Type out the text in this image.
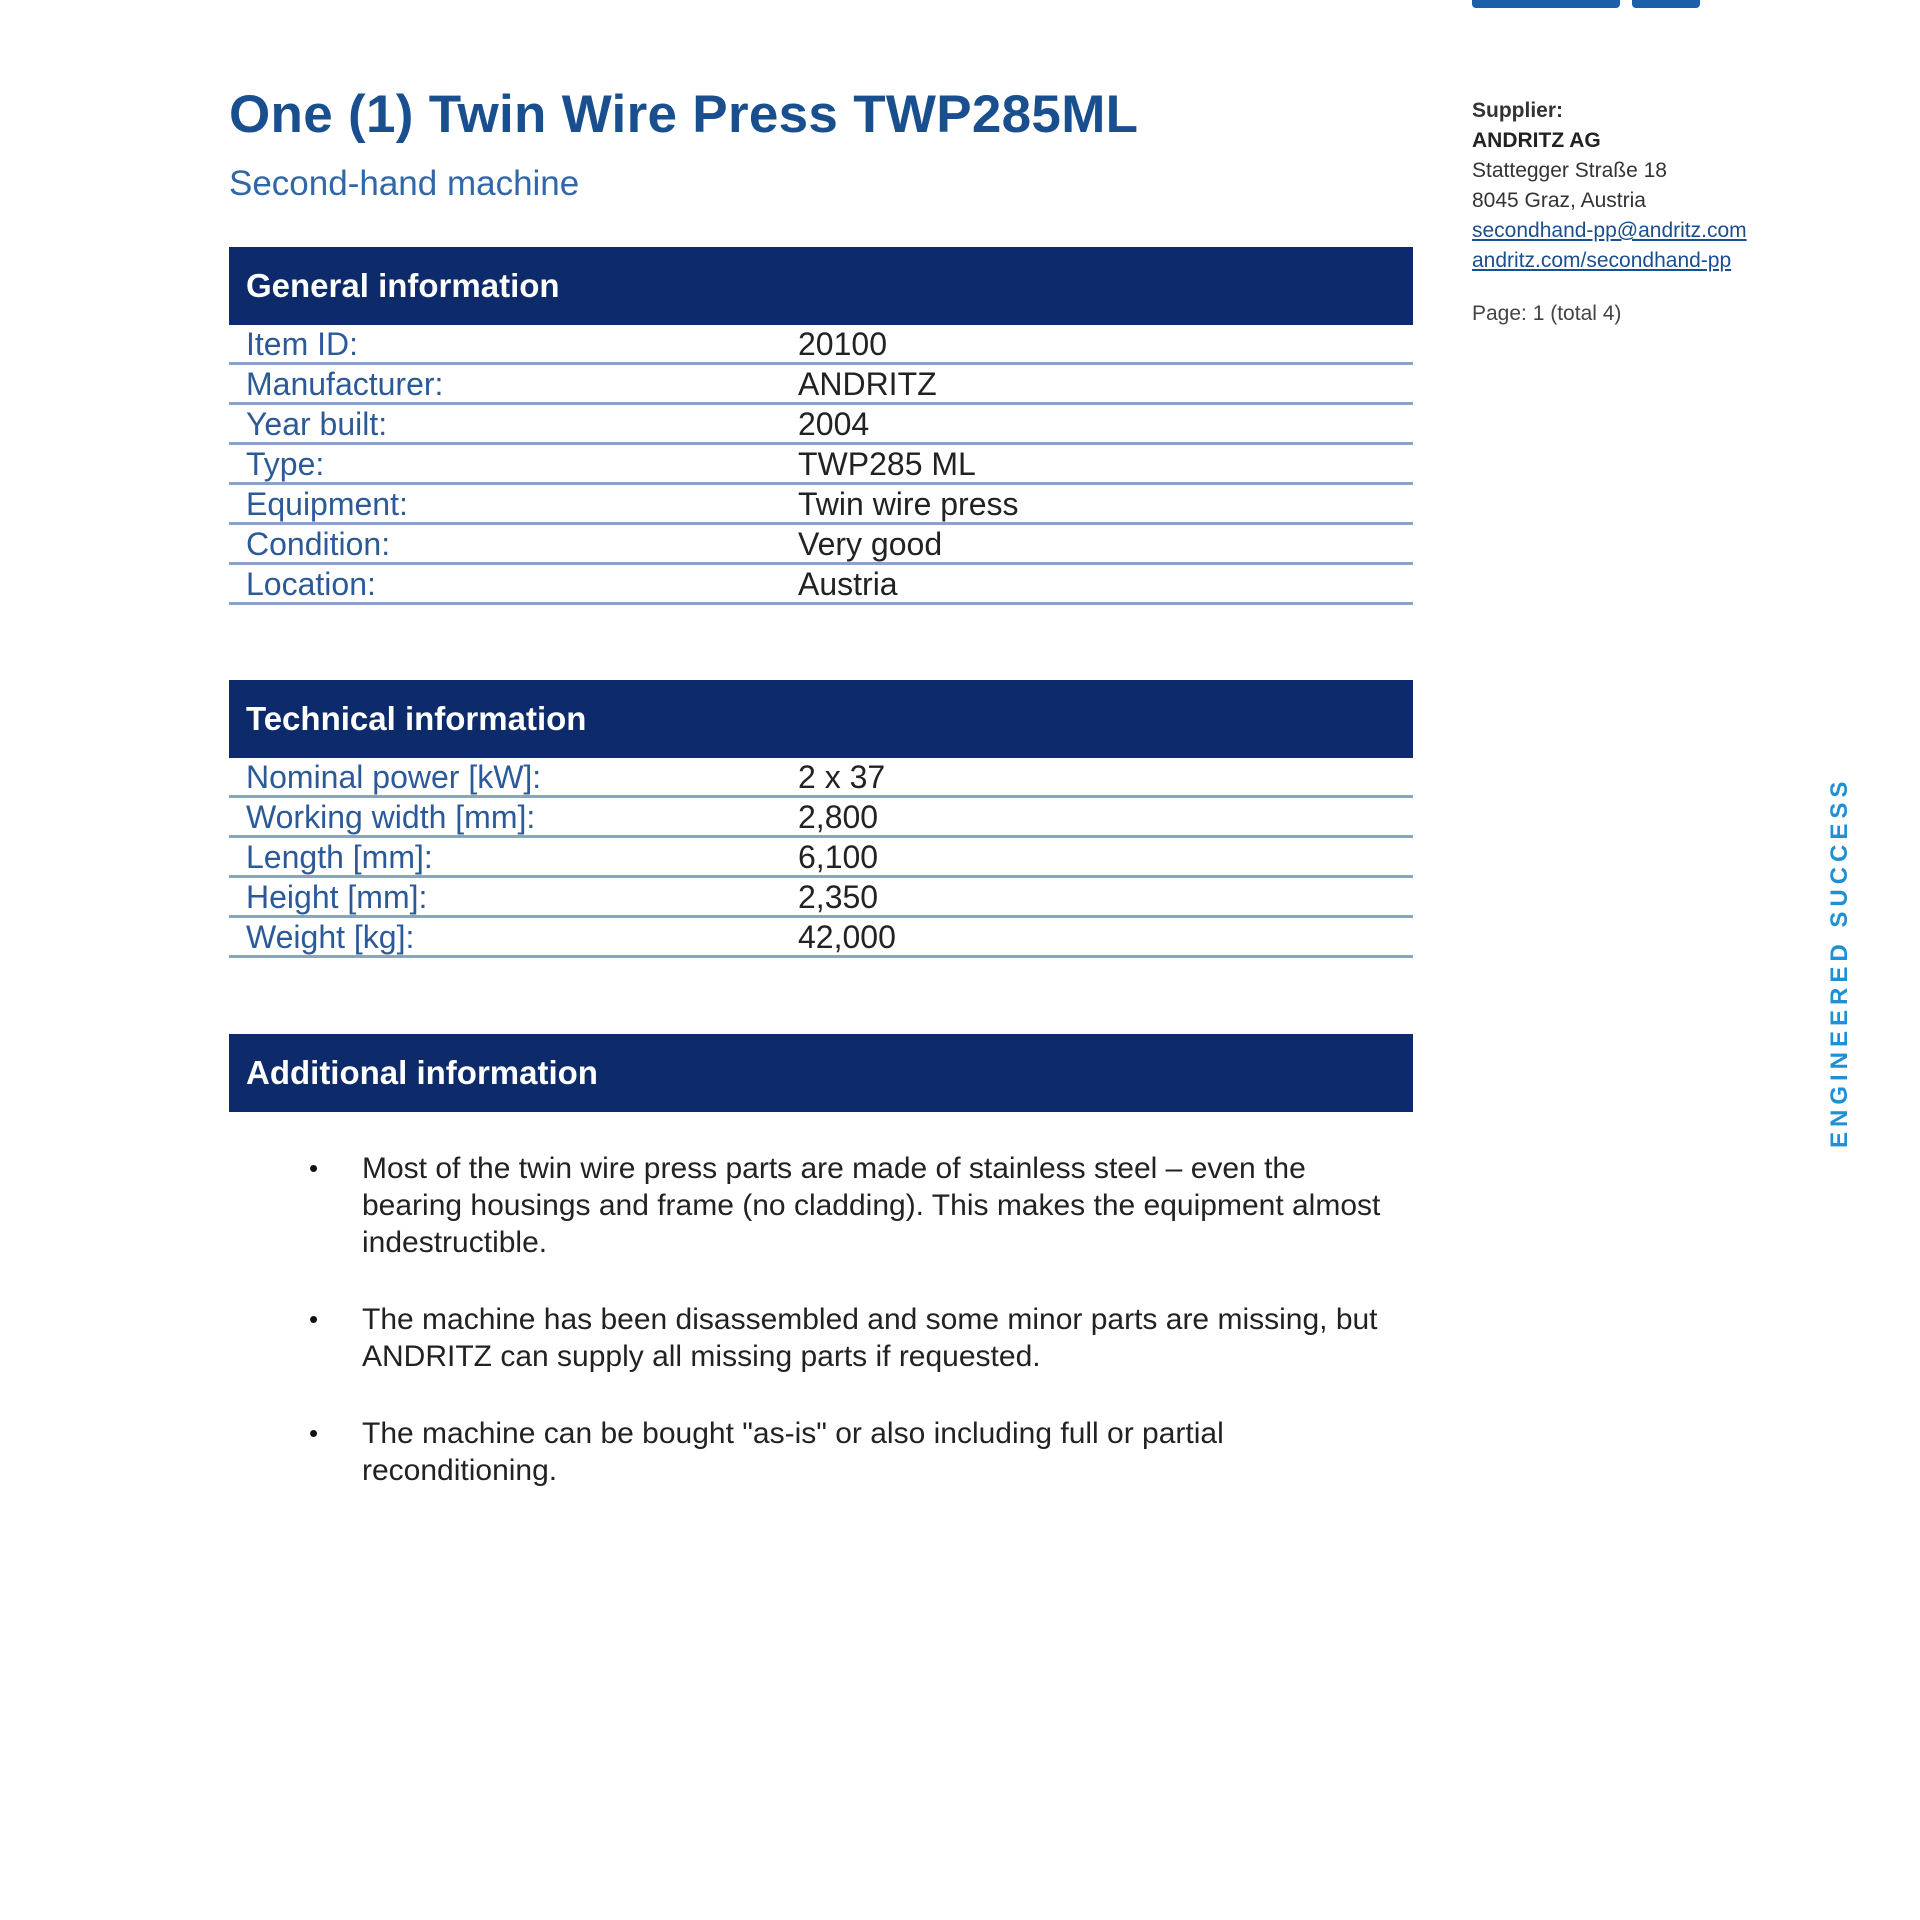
One (1) Twin Wire Press TWP285ML
Second-hand machine
Supplier:
ANDRITZ AG
Stattegger Straße 18
8045 Graz, Austria
secondhand-pp@andritz.com
andritz.com/secondhand-pp
Page: 1 (total 4)
General information
Item ID:	20100
Manufacturer:	ANDRITZ
Year built:	2004
Type:	TWP285 ML
Equipment:	Twin wire press
Condition:	Very good
Location:	Austria
Technical information
Nominal power [kW]:	2 x 37
Working width [mm]:	2,800
Length [mm]:	6,100
Height [mm]:	2,350
Weight [kg]:	42,000
Additional information
• Most of the twin wire press parts are made of stainless steel – even the bearing housings and frame (no cladding). This makes the equipment almost indestructible.
• The machine has been disassembled and some minor parts are missing, but ANDRITZ can supply all missing parts if requested.
• The machine can be bought "as-is" or also including full or partial reconditioning.
ENGINEERED SUCCESS
